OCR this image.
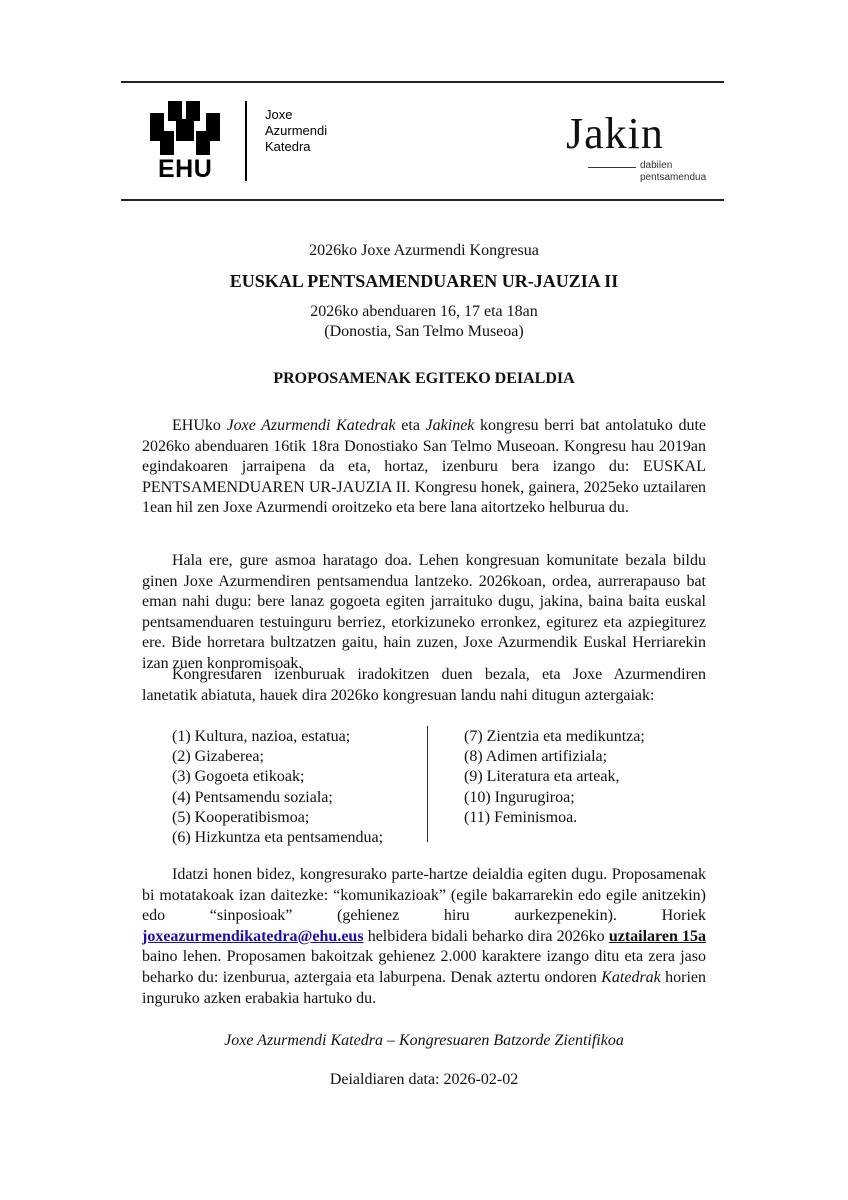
EHU
Joxe
Azurmendi
Katedra	Jakin
dabilen
pentsamendua
2026ko Joxe Azurmendi Kongresua
EUSKAL PENTSAMENDUAREN UR-JAUZIA II
2026ko abenduaren 16, 17 eta 18an
(Donostia, San Telmo Museoa)
PROPOSAMENAK EGITEKO DEIALDIA

EHUko Joxe Azurmendi Katedrak eta Jakinek kongresu berri bat antolatuko dute 2026ko abenduaren 16tik 18ra Donostiako San Telmo Museoan. Kongresu hau 2019an egindakoaren jarraipena da eta, hortaz, izenburu bera izango du: EUSKAL PENTSAMENDUAREN UR-JAUZIA II. Kongresu honek, gainera, 2025eko uztailaren 1ean hil zen Joxe Azurmendi oroitzeko eta bere lana aitortzeko helburua du.

Hala ere, gure asmoa haratago doa. Lehen kongresuan komunitate bezala bildu ginen Joxe Azurmendiren pentsamendua lantzeko. 2026koan, ordea, aurrerapauso bat eman nahi dugu: bere lanaz gogoeta egiten jarraituko dugu, jakina, baina baita euskal pentsamenduaren testuinguru berriez, etorkizuneko erronkez, egiturez eta azpiegiturez ere. Bide horretara bultzatzen gaitu, hain zuzen, Joxe Azurmendik Euskal Herriarekin izan zuen konpromisoak.

Kongresuaren izenburuak iradokitzen duen bezala, eta Joxe Azurmendiren lanetatik abiatuta, hauek dira 2026ko kongresuan landu nahi ditugun aztergaiak:

(1) Kultura, nazioa, estatua;
(2) Gizaberea;
(3) Gogoeta etikoak;
(4) Pentsamendu soziala;
(5) Kooperatibismoa;
(6) Hizkuntza eta pentsamendua;
(7) Zientzia eta medikuntza;
(8) Adimen artifiziala;
(9) Literatura eta arteak,
(10) Ingurugiroa;
(11) Feminismoa.

Idatzi honen bidez, kongresurako parte-hartze deialdia egiten dugu. Proposamenak bi motatakoak izan daitezke: “komunikazioak” (egile bakarrarekin edo egile anitzekin) edo “sinposioak” (gehienez hiru aurkezpenekin). Horiek joxeazurmendikatedra@ehu.eus helbidera bidali beharko dira 2026ko uztailaren 15a baino lehen. Proposamen bakoitzak gehienez 2.000 karaktere izango ditu eta zera jaso beharko du: izenburua, aztergaia eta laburpena. Denak aztertu ondoren Katedrak horien inguruko azken erabakia hartuko du.

Joxe Azurmendi Katedra – Kongresuaren Batzorde Zientifikoa
Deialdiaren data: 2026-02-02
